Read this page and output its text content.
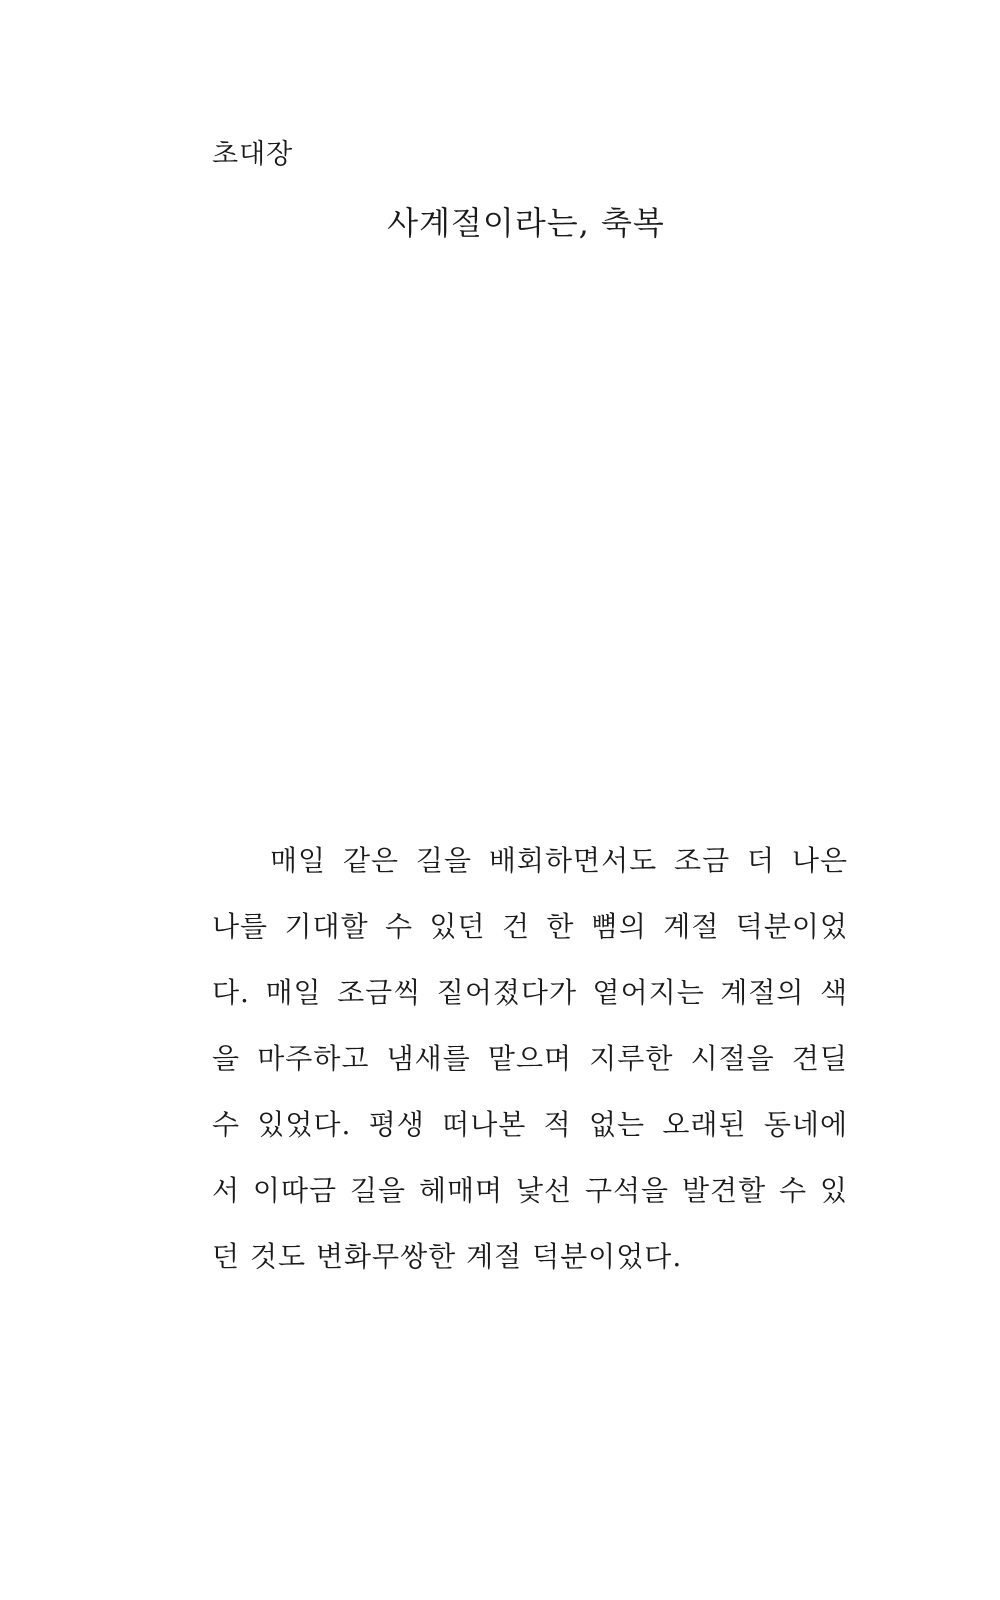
초대장
사계절이라는, 축복
매일 같은 길을 배회하면서도 조금 더 나은
나를 기대할 수 있던 건 한 뼘의 계절 덕분이었
다. 매일 조금씩 짙어졌다가 옅어지는 계절의 색
을 마주하고 냄새를 맡으며 지루한 시절을 견딜
수 있었다. 평생 떠나본 적 없는 오래된 동네에
서 이따금 길을 헤매며 낯선 구석을 발견할 수 있
던 것도 변화무쌍한 계절 덕분이었다.
